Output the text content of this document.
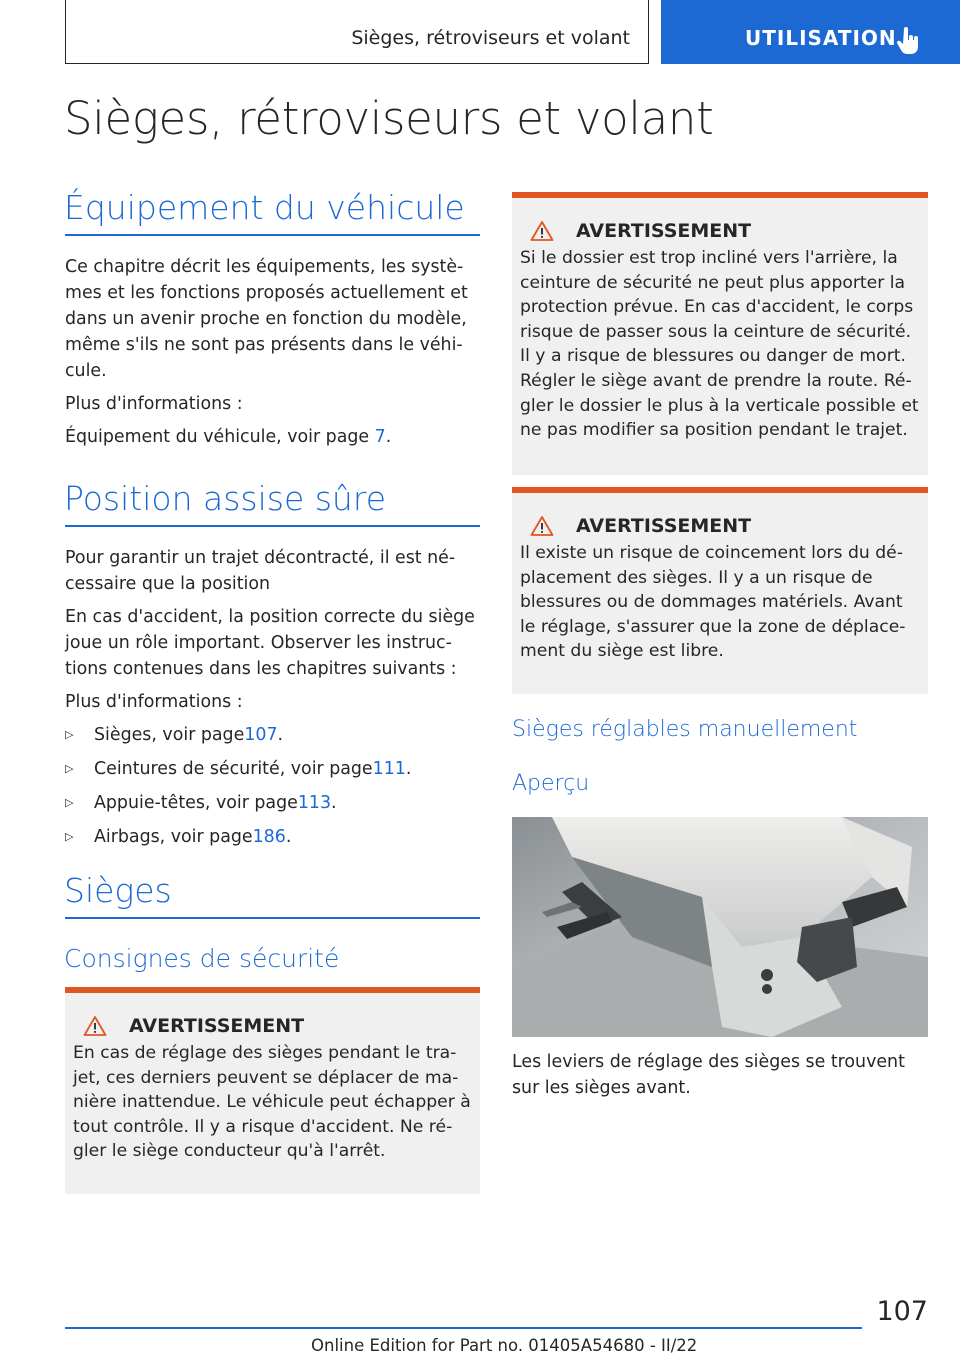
Sièges, rétroviseurs et volant	UTILISATION
Sièges, rétroviseurs et volant
Équipement du véhicule

Ce chapitre décrit les équipements, les systèmes et les fonctions proposés actuellement et dans un avenir proche en fonction du modèle, même s'ils ne sont pas présents dans le véhicule.

Plus d'informations :

Équipement du véhicule, voir page 7.

Position assise sûre

Pour garantir un trajet décontracté, il est nécessaire que la position

En cas d'accident, la position correcte du siège joue un rôle important. Observer les instructions contenues dans les chapitres suivants :

Plus d'informations :

▷	Sièges, voir page 107 .
▷	Ceintures de sécurité, voir page 111 .
▷	Appuie-têtes, voir page 113 .
▷	Airbags, voir page 186 .
Sièges
Consignes de sécurité
AVERTISSEMENT

En cas de réglage des sièges pendant le trajet, ces derniers peuvent se déplacer de manière inattendue. Le véhicule peut échapper à tout contrôle. Il y a risque d'accident. Ne régler le siège conducteur qu'à l'arrêt.

AVERTISSEMENT

Si le dossier est trop incliné vers l'arrière, la ceinture de sécurité ne peut plus apporter la protection prévue. En cas d'accident, le corps risque de passer sous la ceinture de sécurité. Il y a risque de blessures ou danger de mort. Régler le siège avant de prendre la route. Régler le dossier le plus à la verticale possible et ne pas modifier sa position pendant le trajet.

AVERTISSEMENT

Il existe un risque de coincement lors du déplacement des sièges. Il y a un risque de blessures ou de dommages matériels. Avant le réglage, s'assurer que la zone de déplacement du siège est libre.

Sièges réglables manuellement
Aperçu

Les leviers de réglage des sièges se trouvent sur les sièges avant.

107
Online Edition for Part no. 01405A54680 - II/22
